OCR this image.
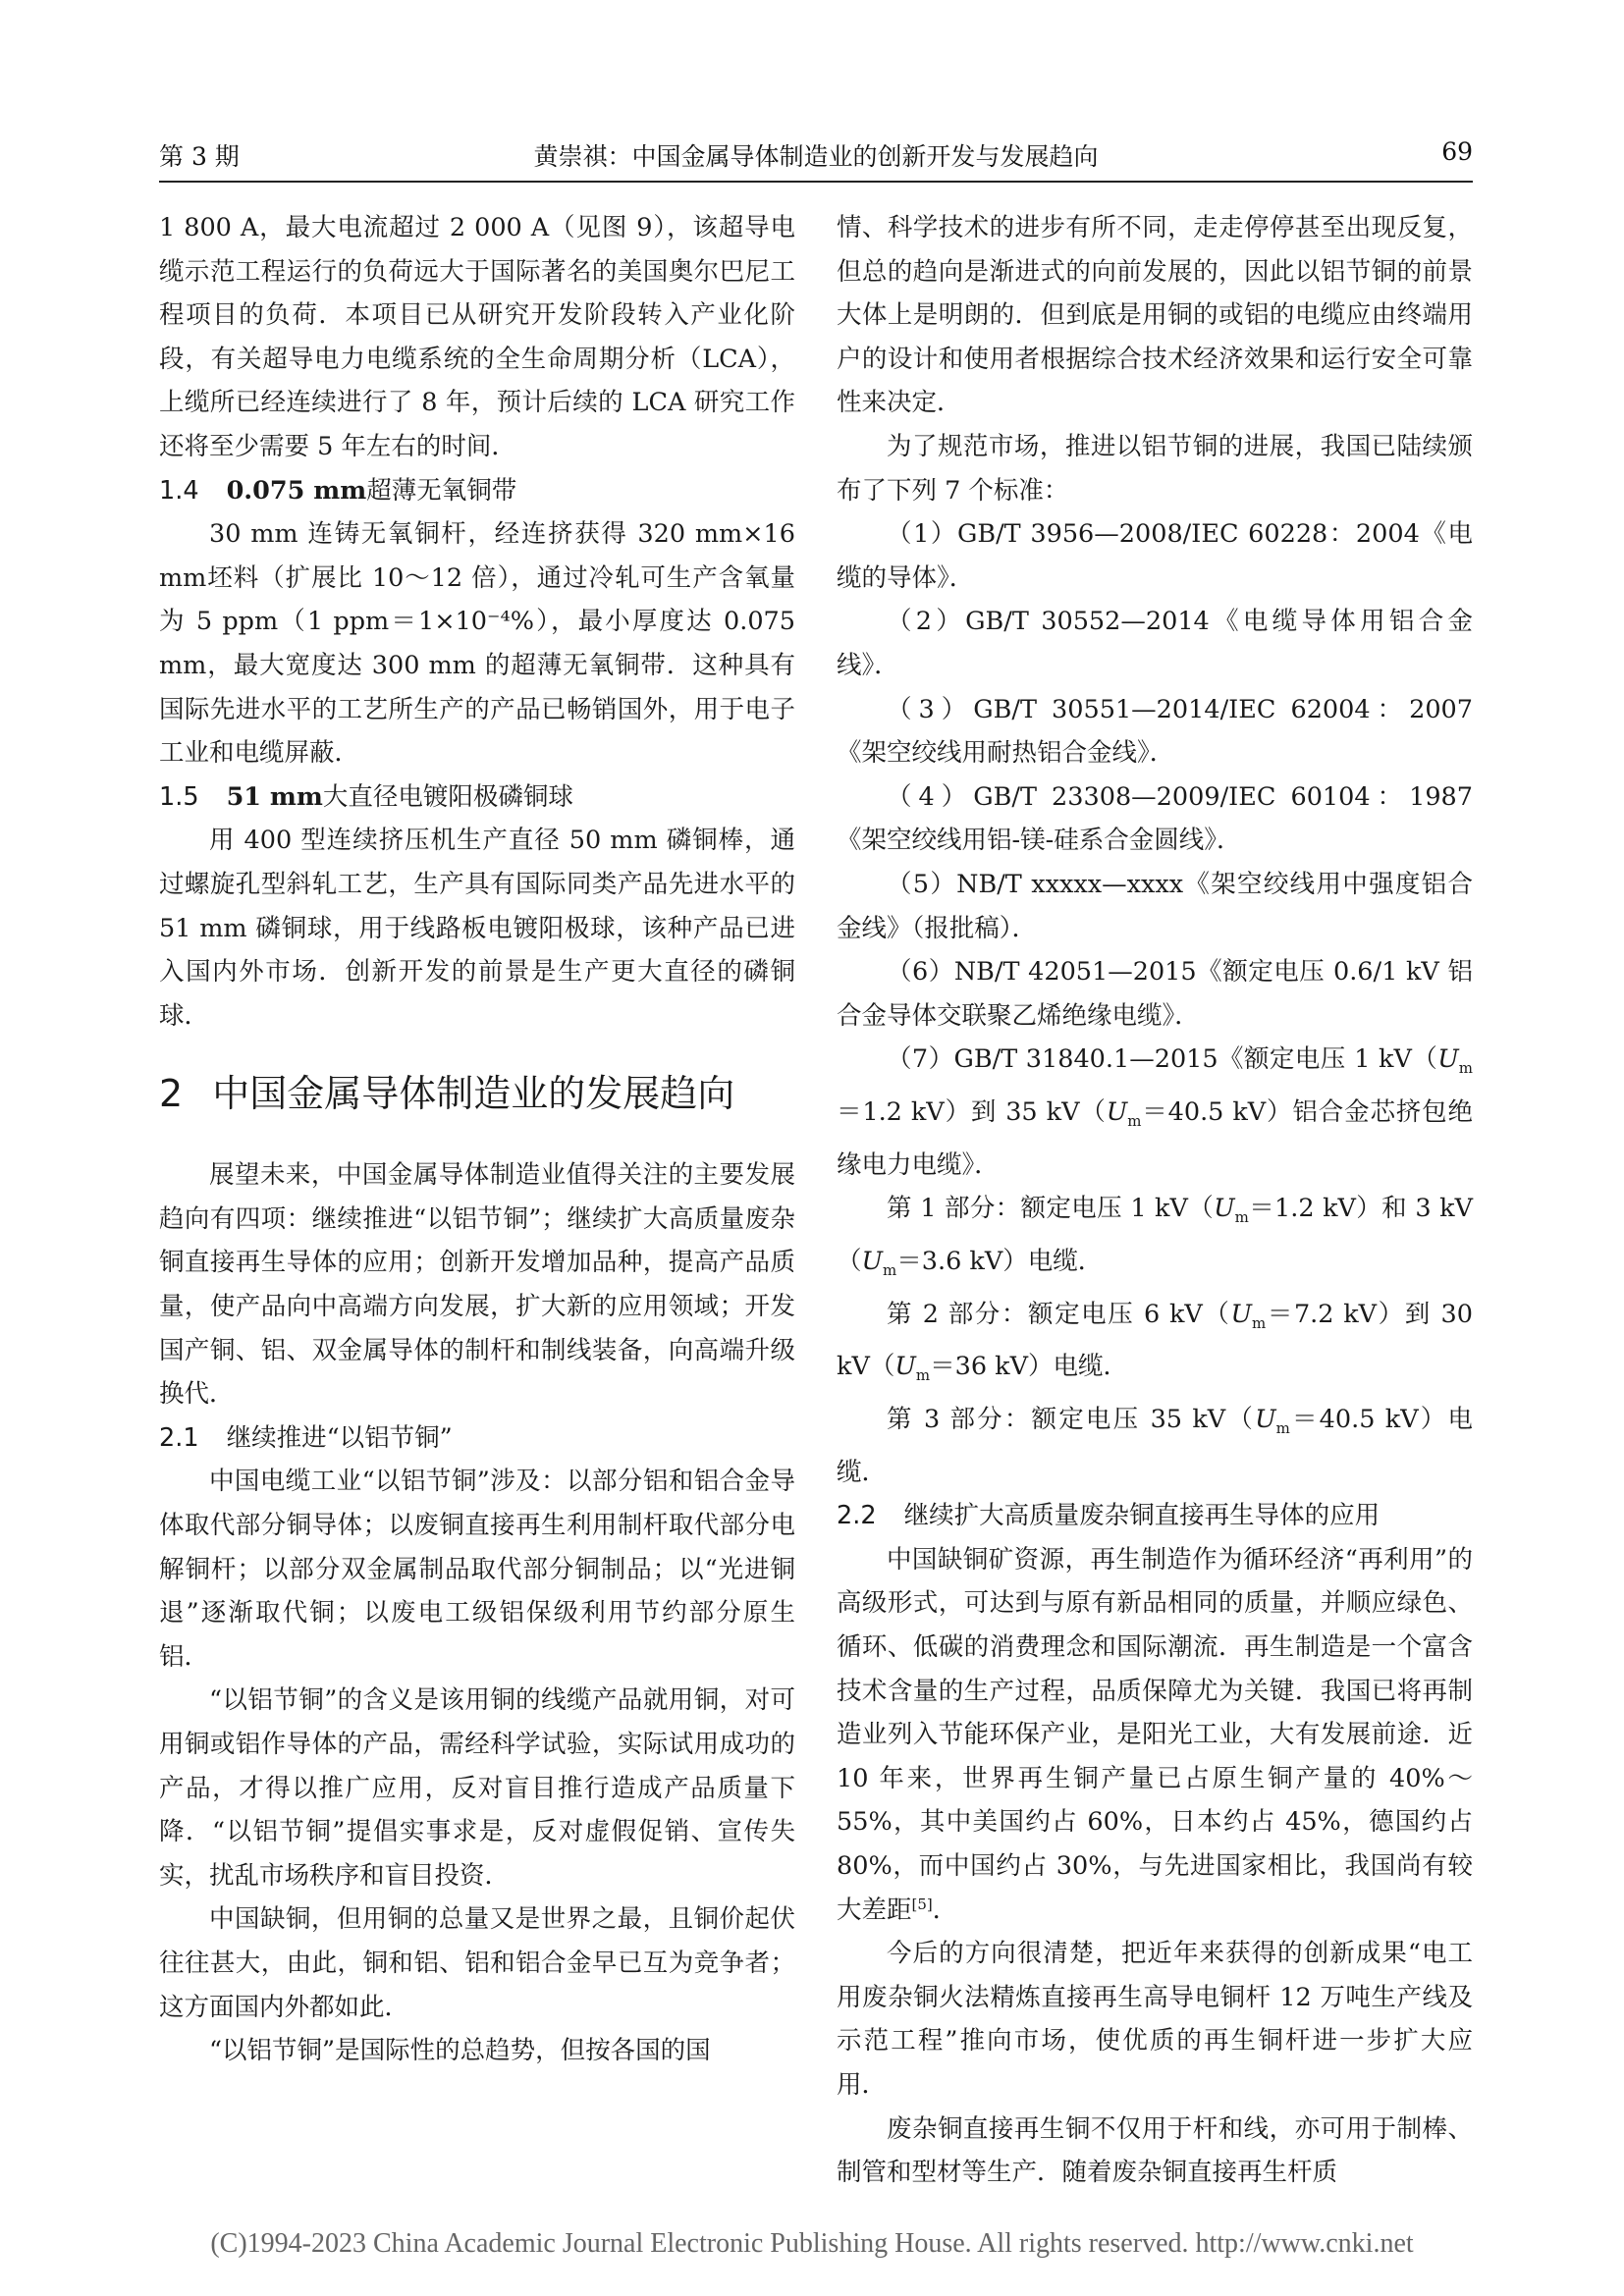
第 3 期	黄崇祺：中国金属导体制造业的创新开发与发展趋向	69

1 800 A，最大电流超过 2 000 A（见图 9），该超导电缆示范工程运行的负荷远大于国际著名的美国奥尔巴尼工程项目的负荷．本项目已从研究开发阶段转入产业化阶段，有关超导电力电缆系统的全生命周期分析（LCA），上缆所已经连续进行了 8 年，预计后续的 LCA 研究工作还将至少需要 5 年左右的时间．

1.4 0.075 mm超薄无氧铜带

30 mm 连铸无氧铜杆，经连挤获得 320 mm×16 mm坯料（扩展比 10～12 倍），通过冷轧可生产含氧量为 5 ppm（1 ppm＝1×10⁻⁴%），最小厚度达 0.075 mm，最大宽度达 300 mm 的超薄无氧铜带．这种具有国际先进水平的工艺所生产的产品已畅销国外，用于电子工业和电缆屏蔽．

1.5 51 mm大直径电镀阳极磷铜球

用 400 型连续挤压机生产直径 50 mm 磷铜棒，通过螺旋孔型斜轧工艺，生产具有国际同类产品先进水平的 51 mm 磷铜球，用于线路板电镀阳极球，该种产品已进入国内外市场．创新开发的前景是生产更大直径的磷铜球．

2 中国金属导体制造业的发展趋向

展望未来，中国金属导体制造业值得关注的主要发展趋向有四项：继续推进“以铝节铜”；继续扩大高质量废杂铜直接再生导体的应用；创新开发增加品种，提高产品质量，使产品向中高端方向发展，扩大新的应用领域；开发国产铜、铝、双金属导体的制杆和制线装备，向高端升级换代．

2.1 继续推进“以铝节铜”

中国电缆工业“以铝节铜”涉及：以部分铝和铝合金导体取代部分铜导体；以废铜直接再生利用制杆取代部分电解铜杆；以部分双金属制品取代部分铜制品；以“光进铜退”逐渐取代铜；以废电工级铝保级利用节约部分原生铝．

“以铝节铜”的含义是该用铜的线缆产品就用铜，对可用铜或铝作导体的产品，需经科学试验，实际试用成功的产品，才得以推广应用，反对盲目推行造成产品质量下降．“以铝节铜”提倡实事求是，反对虚假促销、宣传失实，扰乱市场秩序和盲目投资．

中国缺铜，但用铜的总量又是世界之最，且铜价起伏往往甚大，由此，铜和铝、铝和铝合金早已互为竞争者；这方面国内外都如此．

“以铝节铜”是国际性的总趋势，但按各国的国

情、科学技术的进步有所不同，走走停停甚至出现反复，但总的趋向是渐进式的向前发展的，因此以铝节铜的前景大体上是明朗的．但到底是用铜的或铝的电缆应由终端用户的设计和使用者根据综合技术经济效果和运行安全可靠性来决定．

为了规范市场，推进以铝节铜的进展，我国已陆续颁布了下列 7 个标准：

（1）GB/T 3956—2008/IEC 60228：2004《电缆的导体》．

（2）GB/T 30552—2014《电缆导体用铝合金线》．

（3）GB/T 30551—2014/IEC 62004：2007《架空绞线用耐热铝合金线》．

（4）GB/T 23308—2009/IEC 60104：1987《架空绞线用铝-镁-硅系合金圆线》．

（5）NB/T xxxxx—xxxx《架空绞线用中强度铝合金线》（报批稿）．

（6）NB/T 42051—2015《额定电压 0.6/1 kV 铝合金导体交联聚乙烯绝缘电缆》．

（7）GB/T 31840.1—2015《额定电压 1 $kV(U_m=1.2$ kV）到 35 $kV(U_m=40.5$ kV）铝合金芯挤包绝缘电力电缆》．

第 1 部分：额定电压 1 $kV(U_m=1.2$ kV）和 3 $kV(U_m=3.6$ kV）电缆．

第 2 部分：额定电压 6 $kV(U_m=7.2$ kV）到 30 $kV(U_m=36$ kV）电缆．

第 3 部分：额定电压 35 $kV(U_m=40.5$ kV）电缆．

2.2 继续扩大高质量废杂铜直接再生导体的应用

中国缺铜矿资源，再生制造作为循环经济“再利用”的高级形式，可达到与原有新品相同的质量，并顺应绿色、循环、低碳的消费理念和国际潮流．再生制造是一个富含技术含量的生产过程，品质保障尤为关键．我国已将再制造业列入节能环保产业，是阳光工业，大有发展前途．近 10 年来，世界再生铜产量已占原生铜产量的 40%～55%，其中美国约占 60%，日本约占 45%，德国约占 80%，而中国约占 30%，与先进国家相比，我国尚有较大差距[5]．

今后的方向很清楚，把近年来获得的创新成果“电工用废杂铜火法精炼直接再生高导电铜杆 12 万吨生产线及示范工程”推向市场，使优质的再生铜杆进一步扩大应用．

废杂铜直接再生铜不仅用于杆和线，亦可用于制棒、制管和型材等生产．随着废杂铜直接再生杆质

(C)1994-2023 China Academic Journal Electronic Publishing House. All rights reserved. http://www.cnki.net
